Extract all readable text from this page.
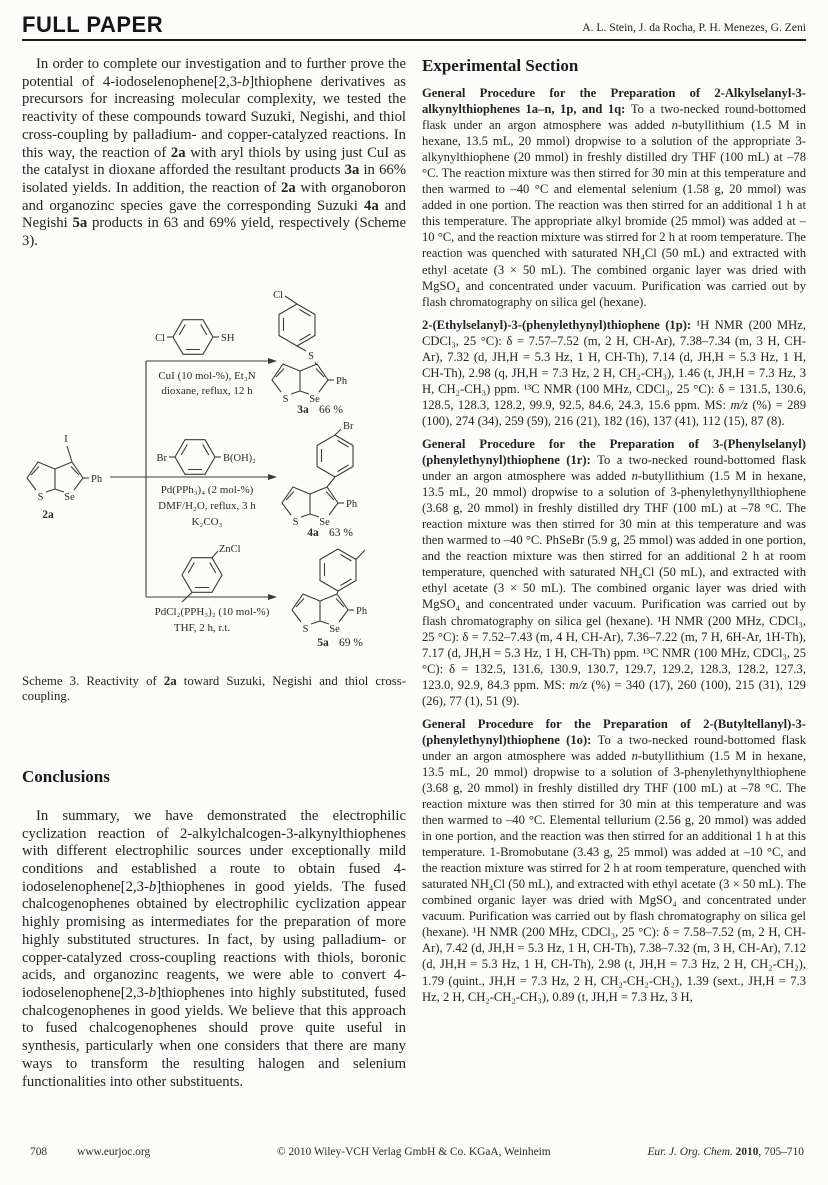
FULL PAPER	A. L. Stein, J. da Rocha, P. H. Menezes, G. Zeni

In order to complete our investigation and to further prove the potential of 4-iodoselenophene[2,3-b]thiophene derivatives as precursors for increasing molecular complexity, we tested the reactivity of these compounds toward Suzuki, Negishi, and thiol cross-coupling by palladium- and copper-catalyzed reactions. In this way, the reaction of 2a with aryl thiols by using just CuI as the catalyst in dioxane afforded the resultant products 3a in 66% isolated yields. In addition, the reaction of 2a with organoboron and organozinc species gave the corresponding Suzuki 4a and Negishi 5a products in 63 and 69% yield, respectively (Scheme 3).

S Se
I
Ph
2a
Cl	SH
CuI (10 mol-%), Et₃N
dioxane, reflux, 12 h
Cl
S
S Se
Ph
3a 66 %
Br	B(OH)₂
Pd(PPh₃)₄ (2 mol-%)
DMF/H₂O, reflux, 3 h
K₂CO₃
Br
S Se
Ph
4a 63 %
ZnCl
PdCl₂(PPH₃)₂ (10 mol-%)
THF, 2 h, r.t.	S Se
Ph
5a 69 %
Scheme 3. Reactivity of 2a toward Suzuki, Negishi and thiol cross-coupling.
Conclusions

In summary, we have demonstrated the electrophilic cyclization reaction of 2-alkylchalcogen-3-alkynylthiophenes with different electrophilic sources under exceptionally mild conditions and established a route to obtain fused 4-iodoselenophene[2,3-b]thiophenes in good yields. The fused chalcogenophenes obtained by electrophilic cyclization appear highly promising as intermediates for the preparation of more highly substituted structures. In fact, by using palladium- or copper-catalyzed cross-coupling reactions with thiols, boronic acids, and organozinc reagents, we were able to convert 4-iodoselenophene[2,3-b]thiophenes into highly substituted, fused chalcogenophenes in good yields. We believe that this approach to fused chalcogenophenes should prove quite useful in synthesis, particularly when one considers that there are many ways to transform the resulting halogen and selenium functionalities into other substituents.

Experimental Section

General Procedure for the Preparation of 2-Alkylselanyl-3-alkynylthiophenes 1a–n, 1p, and 1q: To a two-necked round-bottomed flask under an argon atmosphere was added n-butyllithium (1.5 M in hexane, 13.5 mL, 20 mmol) dropwise to a solution of the appropriate 3-alkynylthiophene (20 mmol) in freshly distilled dry THF (100 mL) at –78 °C. The reaction mixture was then stirred for 30 min at this temperature and then warmed to –40 °C and elemental selenium (1.58 g, 20 mmol) was added in one portion. The reaction was then stirred for an additional 1 h at this temperature. The appropriate alkyl bromide (25 mmol) was added at –10 °C, and the reaction mixture was stirred for 2 h at room temperature. The reaction was quenched with saturated NH₄Cl (50 mL) and extracted with ethyl acetate (3 × 50 mL). The combined organic layer was dried with MgSO₄ and concentrated under vacuum. Purification was carried out by flash chromatography on silica gel (hexane).

2-(Ethylselanyl)-3-(phenylethynyl)thiophene (1p): ¹H NMR (200 MHz, CDCl₃, 25 °C): δ = 7.57–7.52 (m, 2 H, CH-Ar), 7.38–7.34 (m, 3 H, CH-Ar), 7.32 (d, JH,H = 5.3 Hz, 1 H, CH-Th), 7.14 (d, JH,H = 5.3 Hz, 1 H, CH-Th), 2.98 (q, JH,H = 7.3 Hz, 2 H, CH₂-CH₃), 1.46 (t, JH,H = 7.3 Hz, 3 H, CH₂-CH₃) ppm. ¹³C NMR (100 MHz, CDCl₃, 25 °C): δ = 131.5, 130.6, 128.5, 128.3, 128.2, 99.9, 92.5, 84.6, 24.3, 15.6 ppm. MS: m/z (%) = 289 (100), 274 (34), 259 (59), 216 (21), 182 (16), 137 (41), 112 (15), 87 (8).

General Procedure for the Preparation of 3-(Phenylselanyl)(phenylethynyl)thiophene (1r): To a two-necked round-bottomed flask under an argon atmosphere was added n-butyllithium (1.5 M in hexane, 13.5 mL, 20 mmol) dropwise to a solution of 3-phenylethynyllthiophene (3.68 g, 20 mmol) in freshly distilled dry THF (100 mL) at –78 °C. The reaction mixture was then stirred for 30 min at this temperature and was then warmed to –40 °C. PhSeBr (5.9 g, 25 mmol) was added in one portion, and the reaction mixture was then stirred for an additional 2 h at room temperature, quenched with saturated NH₄Cl (50 mL), and extracted with ethyl acetate (3 × 50 mL). The combined organic layer was dried with MgSO₄ and concentrated under vacuum. Purification was carried out by flash chromatography on silica gel (hexane). ¹H NMR (200 MHz, CDCl₃, 25 °C): δ = 7.52–7.43 (m, 4 H, CH-Ar), 7.36–7.22 (m, 7 H, 6H-Ar, 1H-Th), 7.17 (d, JH,H = 5.3 Hz, 1 H, CH-Th) ppm. ¹³C NMR (100 MHz, CDCl₃, 25 °C): δ = 132.5, 131.6, 130.9, 130.7, 129.7, 129.2, 128.3, 128.2, 127.3, 123.0, 92.9, 84.3 ppm. MS: m/z (%) = 340 (17), 260 (100), 215 (31), 129 (26), 77 (1), 51 (9).

General Procedure for the Preparation of 2-(Butyltellanyl)-3-(phenylethynyl)thiophene (1o): To a two-necked round-bottomed flask under an argon atmosphere was added n-butyllithium (1.5 M in hexane, 13.5 mL, 20 mmol) dropwise to a solution of 3-phenylethynylthiophene (3.68 g, 20 mmol) in freshly distilled dry THF (100 mL) at –78 °C. The reaction mixture was then stirred for 30 min at this temperature and was then warmed to –40 °C. Elemental tellurium (2.56 g, 20 mmol) was added in one portion, and the reaction was then stirred for an additional 1 h at this temperature. 1-Bromobutane (3.43 g, 25 mmol) was added at –10 °C, and the reaction mixture was stirred for 2 h at room temperature, quenched with saturated NH₄Cl (50 mL), and extracted with ethyl acetate (3 × 50 mL). The combined organic layer was dried with MgSO₄ and concentrated under vacuum. Purification was carried out by flash chromatography on silica gel (hexane). ¹H NMR (200 MHz, CDCl₃, 25 °C): δ = 7.58–7.52 (m, 2 H, CH-Ar), 7.42 (d, JH,H = 5.3 Hz, 1 H, CH-Th), 7.38–7.32 (m, 3 H, CH-Ar), 7.12 (d, JH,H = 5.3 Hz, 1 H, CH-Th), 2.98 (t, JH,H = 7.3 Hz, 2 H, CH₂-CH₂), 1.79 (quint., JH,H = 7.3 Hz, 2 H, CH₂-CH₂-CH₂), 1.39 (sext., JH,H = 7.3 Hz, 2 H, CH₂-CH₂-CH₃), 0.89 (t, JH,H = 7.3 Hz, 3 H,

708	www.eurjoc.org	© 2010 Wiley-VCH Verlag GmbH & Co. KGaA, Weinheim	Eur. J. Org. Chem. 2010, 705–710
